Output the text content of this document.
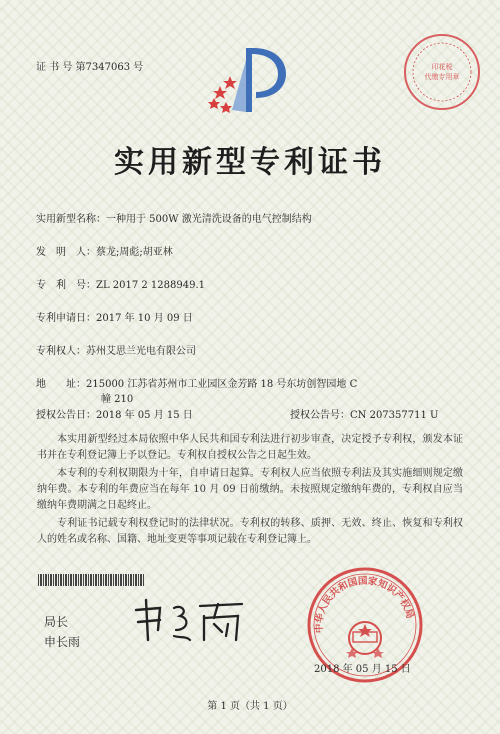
证 书 号 第7347063 号	印花税
代缴专用章
实用新型专利证书
实用新型名称：一种用于 500W 激光清洗设备的电气控制结构
发　明　人：蔡龙;周彪;胡亚林
专　利　号：ZL 2017 2 1288949.1
专利申请日：2017 年 10 月 09 日
专利权人：苏州艾思兰光电有限公司
地　　址：215000 江苏省苏州市工业园区金芳路 18 号东坊创智园地 C
幢 210
授权公告日：2018 年 05 月 15 日	授权公告号：CN 207357711 U
本实用新型经过本局依照中华人民共和国专利法进行初步审查，决定授予专利权，颁发本证书并在专利登记簿上予以登记。专利权自授权公告之日起生效。
本专利的专利权期限为十年，自申请日起算。专利权人应当依照专利法及其实施细则规定缴纳年费。本专利的年费应当在每年 10 月 09 日前缴纳。未按照规定缴纳年费的，专利权自应当缴纳年费期满之日起终止。
专利证书记载专利权登记时的法律状况。专利权的转移、质押、无效、终止、恢复和专利权人的姓名或名称、国籍、地址变更等事项记载在专利登记簿上。
局长
申长雨
中华人民共和国国家知识产权局
2018 年 05 月 15 日
第 1 页（共 1 页）
